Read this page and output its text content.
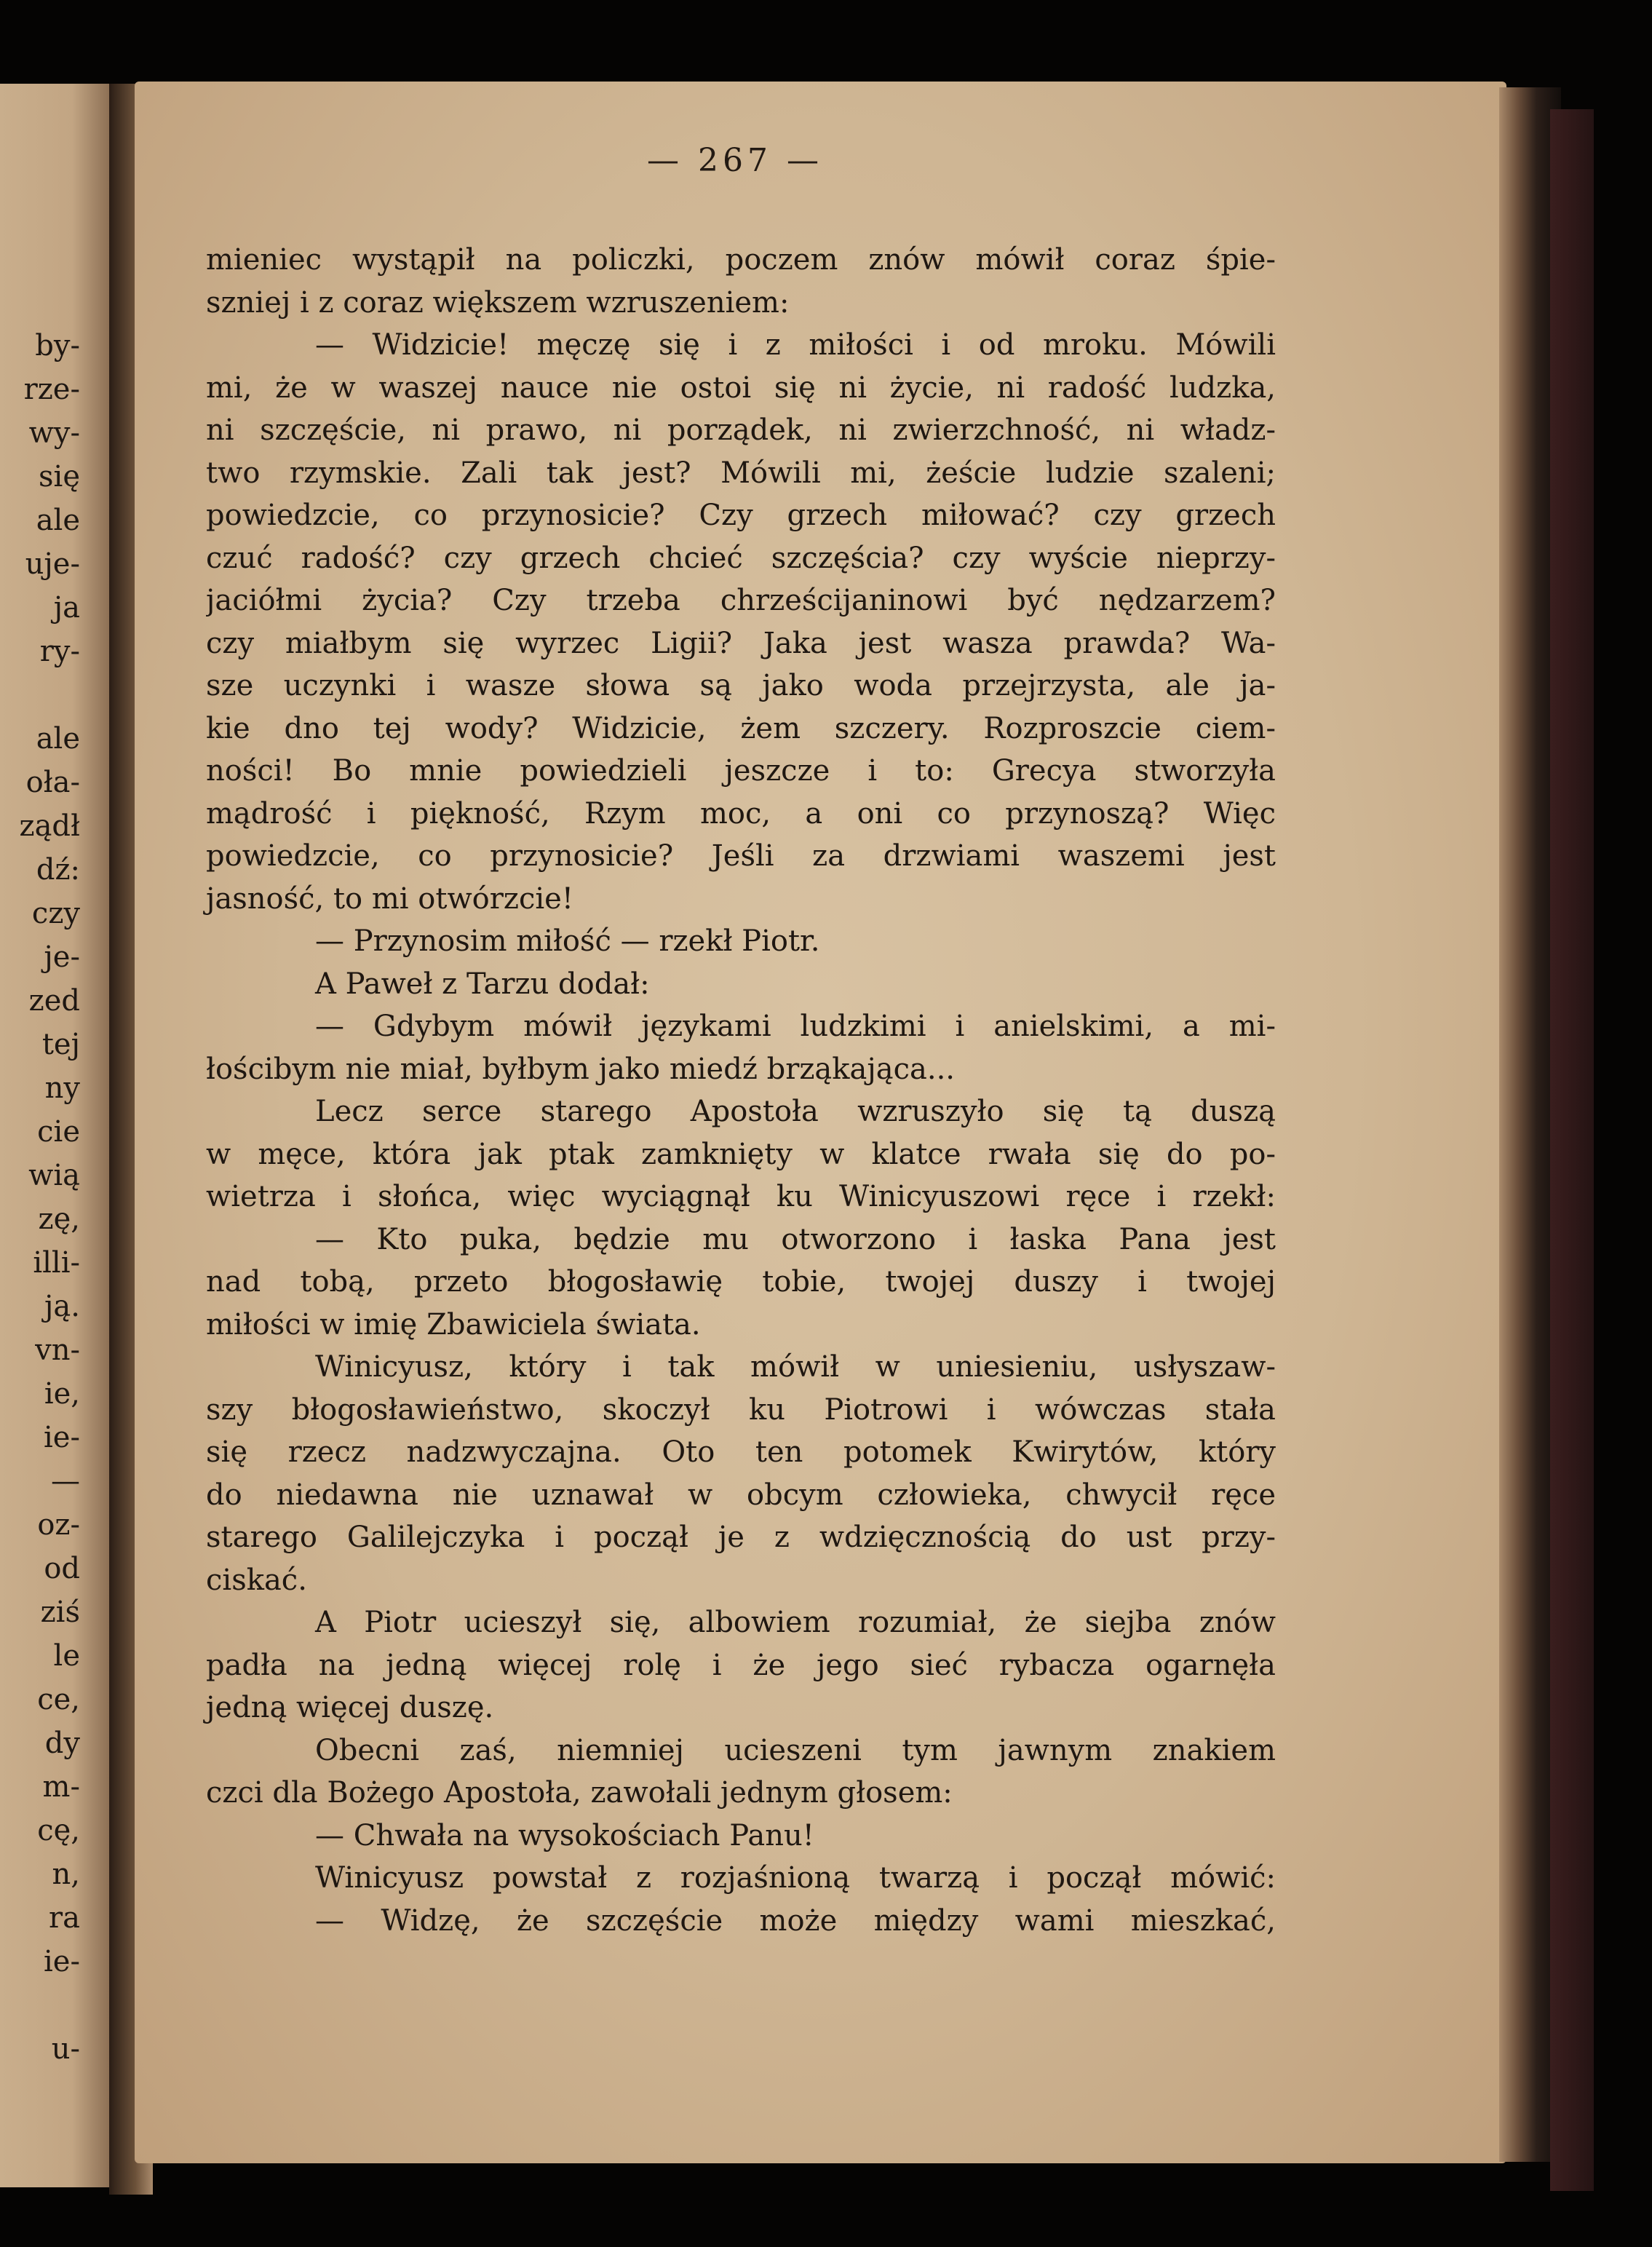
by-
rze-
wy-
się
ale
uje-
ja
ry-
ale
oła-
ządł
dź:
czy
je-
zed
tej
ny
cie
wią
zę,
illi-
ją.
vn-
ie,
ie-
—
oz-
od
ziś
le
ce,
dy
m-
cę,
n,
ra
ie-
u-
— 267 —
mieniec wystąpił na policzki, poczem znów mówił coraz śpie-
szniej i z coraz większem wzruszeniem:
— Widzicie! męczę się i z miłości i od mroku. Mówili
mi, że w waszej nauce nie ostoi się ni życie, ni radość ludzka,
ni szczęście, ni prawo, ni porządek, ni zwierzchność, ni władz-
two rzymskie. Zali tak jest? Mówili mi, żeście ludzie szaleni;
powiedzcie, co przynosicie? Czy grzech miłować? czy grzech
czuć radość? czy grzech chcieć szczęścia? czy wyście nieprzy-
jaciółmi życia? Czy trzeba chrześcijaninowi być nędzarzem?
czy miałbym się wyrzec Ligii? Jaka jest wasza prawda? Wa-
sze uczynki i wasze słowa są jako woda przejrzysta, ale ja-
kie dno tej wody? Widzicie, żem szczery. Rozproszcie ciem-
ności! Bo mnie powiedzieli jeszcze i to: Grecya stworzyła
mądrość i piękność, Rzym moc, a oni co przynoszą? Więc
powiedzcie, co przynosicie? Jeśli za drzwiami waszemi jest
jasność, to mi otwórzcie!
— Przynosim miłość — rzekł Piotr.
A Paweł z Tarzu dodał:
— Gdybym mówił językami ludzkimi i anielskimi, a mi-
łościbym nie miał, byłbym jako miedź brząkająca...
Lecz serce starego Apostoła wzruszyło się tą duszą
w męce, która jak ptak zamknięty w klatce rwała się do po-
wietrza i słońca, więc wyciągnął ku Winicyuszowi ręce i rzekł:
— Kto puka, będzie mu otworzono i łaska Pana jest
nad tobą, przeto błogosławię tobie, twojej duszy i twojej
miłości w imię Zbawiciela świata.
Winicyusz, który i tak mówił w uniesieniu, usłyszaw-
szy błogosławieństwo, skoczył ku Piotrowi i wówczas stała
się rzecz nadzwyczajna. Oto ten potomek Kwirytów, który
do niedawna nie uznawał w obcym człowieka, chwycił ręce
starego Galilejczyka i począł je z wdzięcznością do ust przy-
ciskać.
A Piotr ucieszył się, albowiem rozumiał, że siejba znów
padła na jedną więcej rolę i że jego sieć rybacza ogarnęła
jedną więcej duszę.
Obecni zaś, niemniej ucieszeni tym jawnym znakiem
czci dla Bożego Apostoła, zawołali jednym głosem:
— Chwała na wysokościach Panu!
Winicyusz powstał z rozjaśnioną twarzą i począł mówić:
— Widzę, że szczęście może między wami mieszkać,
